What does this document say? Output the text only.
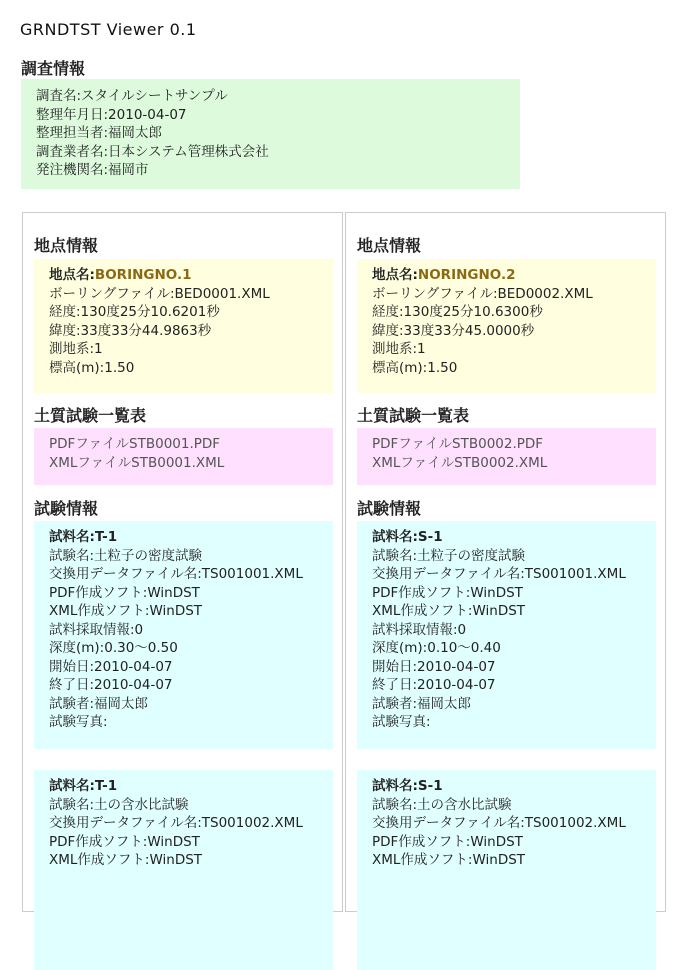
GRNDTST Viewer 0.1
調査情報
調査名:スタイルシートサンプル
整理年月日:2010-04-07
整理担当者:福岡太郎
調査業者名:日本システム管理株式会社
発注機関名:福岡市
地点情報
地点名:BORINGNO.1
ボーリングファイル:BED0001.XML
経度:130度25分10.6201秒
緯度:33度33分44.9863秒
測地系:1
標高(m):1.50
土質試験一覧表
PDFファイルSTB0001.PDF
XMLファイルSTB0001.XML
試験情報
試料名:T-1
試験名:土粒子の密度試験
交換用データファイル名:TS001001.XML
PDF作成ソフト:WinDST
XML作成ソフト:WinDST
試料採取情報:0
深度(m):0.30～0.50
開始日:2010-04-07
終了日:2010-04-07
試験者:福岡太郎
試験写真:
試料名:T-1
試験名:土の含水比試験
交換用データファイル名:TS001002.XML
PDF作成ソフト:WinDST
XML作成ソフト:WinDST
地点情報
地点名:NORINGNO.2
ボーリングファイル:BED0002.XML
経度:130度25分10.6300秒
緯度:33度33分45.0000秒
測地系:1
標高(m):1.50
土質試験一覧表
PDFファイルSTB0002.PDF
XMLファイルSTB0002.XML
試験情報
試料名:S-1
試験名:土粒子の密度試験
交換用データファイル名:TS001001.XML
PDF作成ソフト:WinDST
XML作成ソフト:WinDST
試料採取情報:0
深度(m):0.10～0.40
開始日:2010-04-07
終了日:2010-04-07
試験者:福岡太郎
試験写真:
試料名:S-1
試験名:土の含水比試験
交換用データファイル名:TS001002.XML
PDF作成ソフト:WinDST
XML作成ソフト:WinDST
